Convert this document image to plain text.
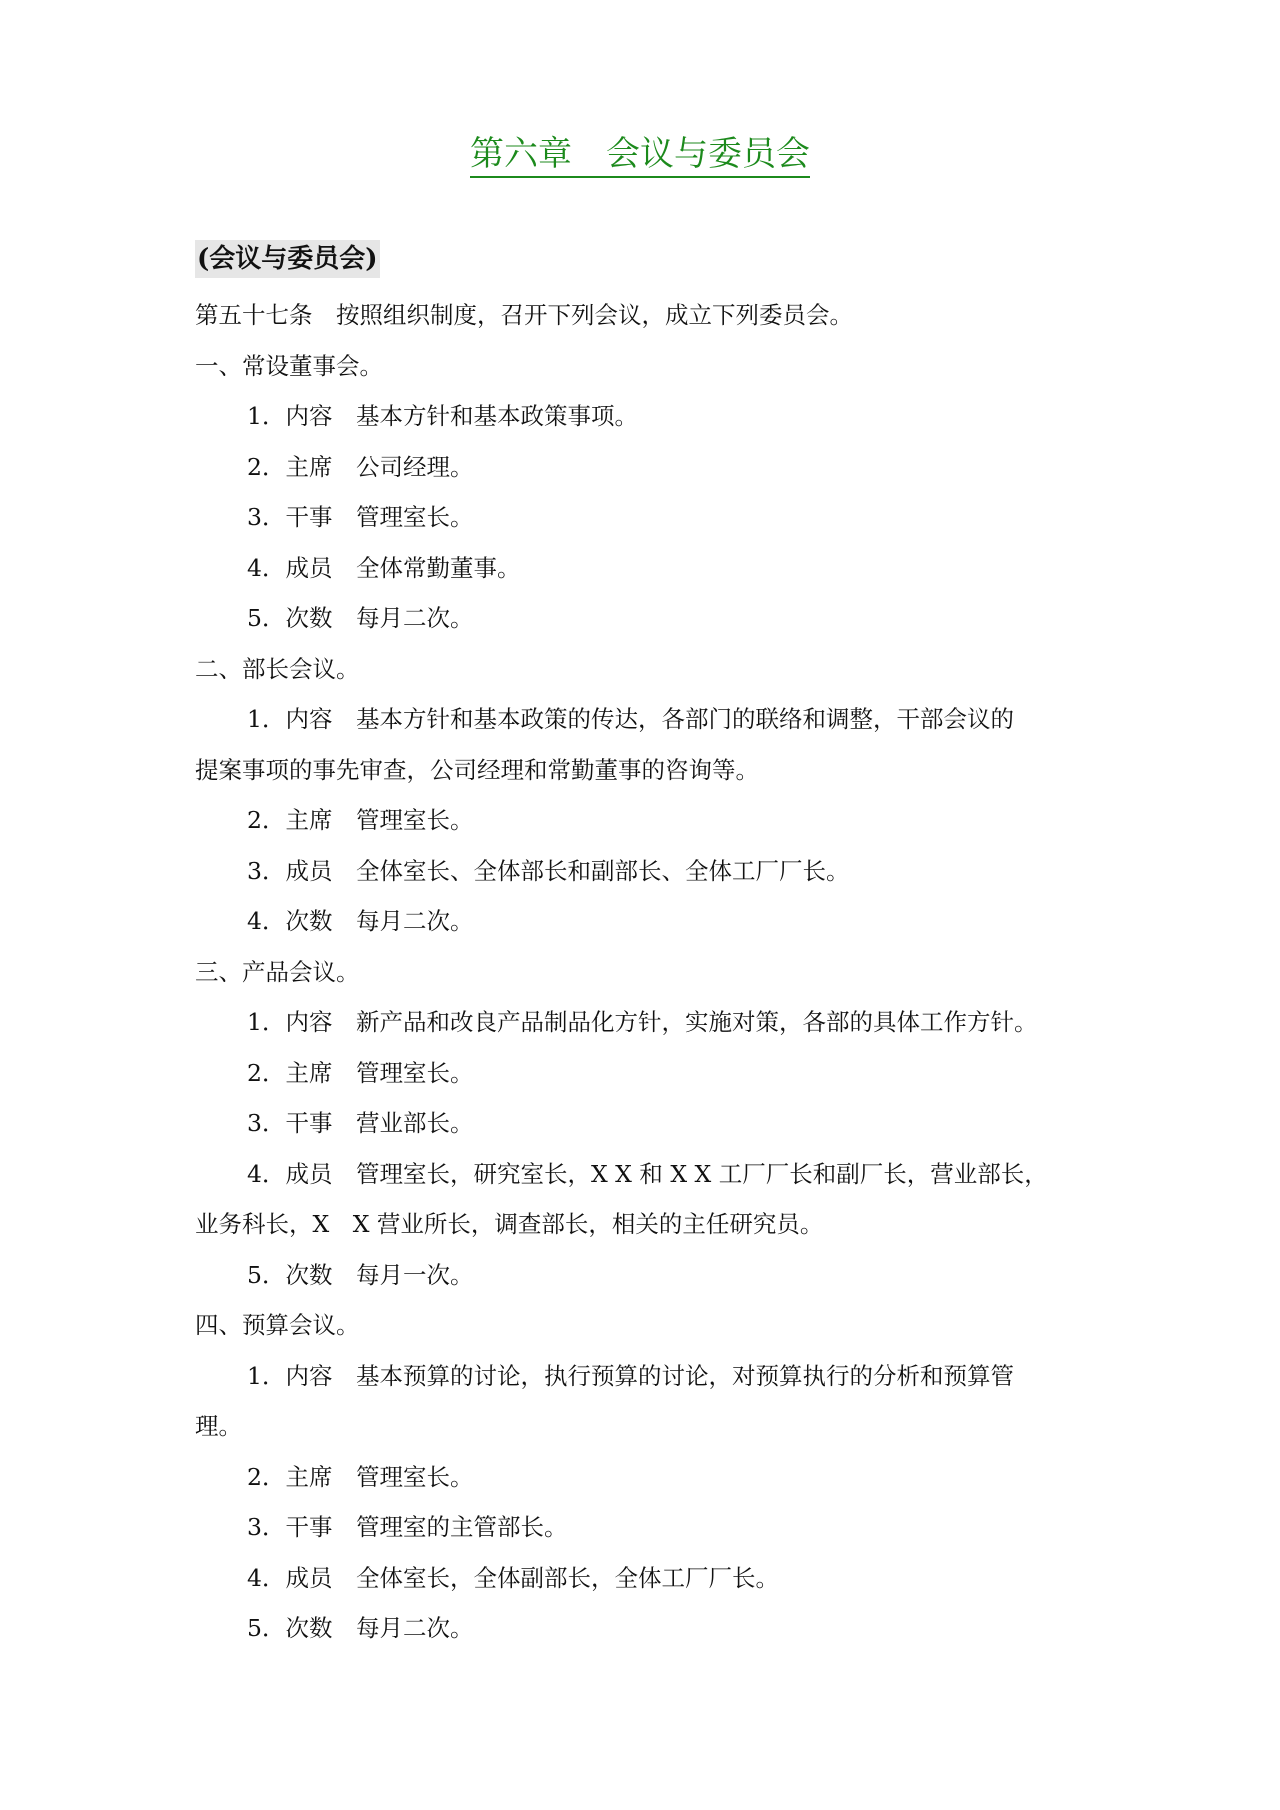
第六章　会议与委员会
(会议与委员会)
第五十七条　按照组织制度，召开下列会议，成立下列委员会。
一、常设董事会。
1．内容　基本方针和基本政策事项。
2．主席　公司经理。
3．干事　管理室长。
4．成员　全体常勤董事。
5．次数　每月二次。
二、部长会议。
1．内容　基本方针和基本政策的传达，各部门的联络和调整，干部会议的
提案事项的事先审查，公司经理和常勤董事的咨询等。
2．主席　管理室长。
3．成员　全体室长、全体部长和副部长、全体工厂厂长。
4．次数　每月二次。
三、产品会议。
1．内容　新产品和改良产品制品化方针，实施对策，各部的具体工作方针。
2．主席　管理室长。
3．干事　营业部长。
4．成员　管理室长，研究室长，X X 和 X X 工厂厂长和副厂长，营业部长，
业务科长，X　X 营业所长，调查部长，相关的主任研究员。
5．次数　每月一次。
四、预算会议。
1．内容　基本预算的讨论，执行预算的讨论，对预算执行的分析和预算管
理。
2．主席　管理室长。
3．干事　管理室的主管部长。
4．成员　全体室长，全体副部长，全体工厂厂长。
5．次数　每月二次。
